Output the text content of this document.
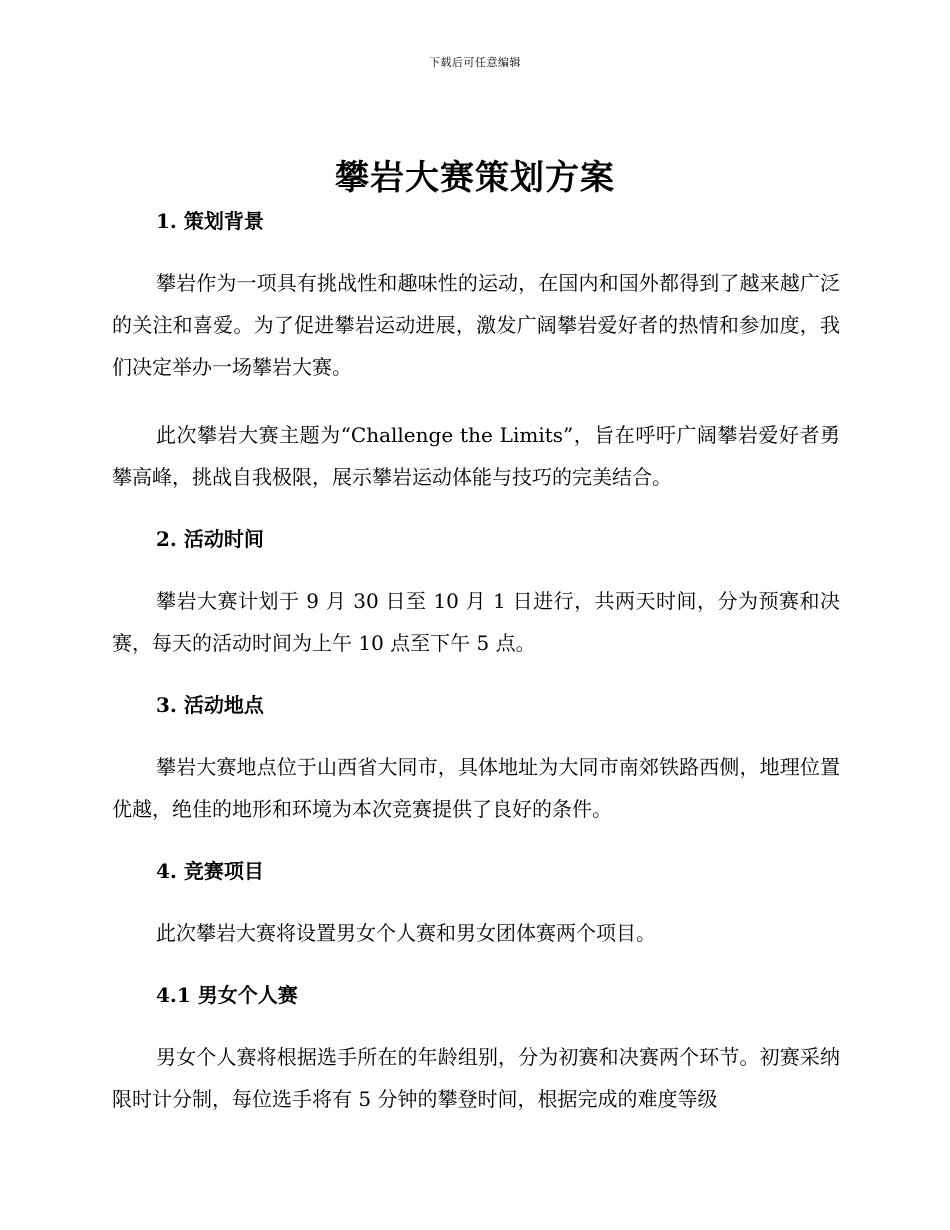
下载后可任意编辑
攀岩大赛策划方案

1. 策划背景

攀岩作为一项具有挑战性和趣味性的运动，在国内和国外都得到了越来越广泛的关注和喜爱。为了促进攀岩运动进展，激发广阔攀岩爱好者的热情和参加度，我们决定举办一场攀岩大赛。

此次攀岩大赛主题为“Challenge the Limits”，旨在呼吁广阔攀岩爱好者勇攀高峰，挑战自我极限，展示攀岩运动体能与技巧的完美结合。

2. 活动时间

攀岩大赛计划于 9 月 30 日至 10 月 1 日进行，共两天时间，分为预赛和决赛，每天的活动时间为上午 10 点至下午 5 点。

3. 活动地点

攀岩大赛地点位于山西省大同市，具体地址为大同市南郊铁路西侧，地理位置优越，绝佳的地形和环境为本次竞赛提供了良好的条件。

4. 竞赛项目

此次攀岩大赛将设置男女个人赛和男女团体赛两个项目。

4.1 男女个人赛

男女个人赛将根据选手所在的年龄组别，分为初赛和决赛两个环节。初赛采纳限时计分制，每位选手将有 5 分钟的攀登时间，根据完成的难度等级
